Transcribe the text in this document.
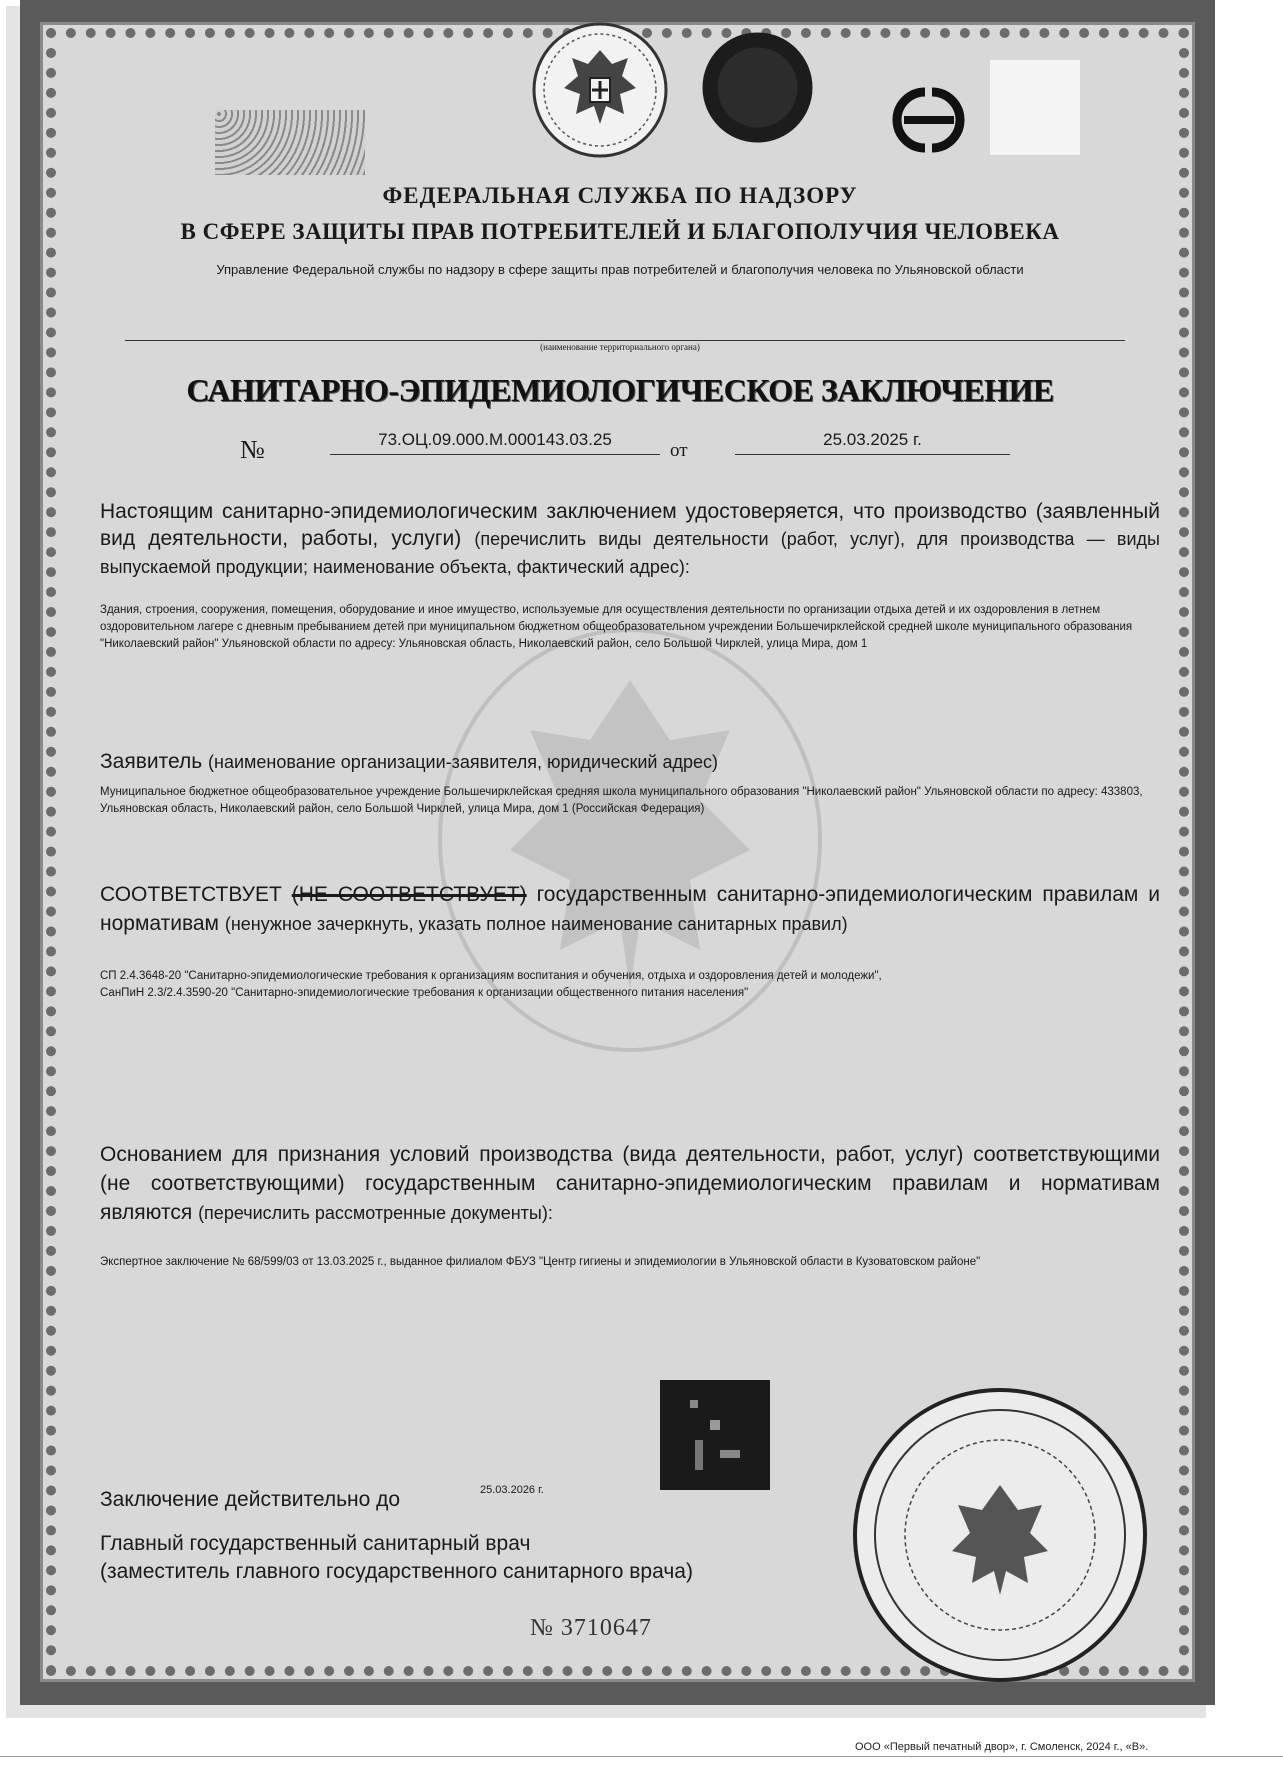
СЭ
ФЕДЕРАЛЬНАЯ СЛУЖБА ПО НАДЗОРУ
В СФЕРЕ ЗАЩИТЫ ПРАВ ПОТРЕБИТЕЛЕЙ И БЛАГОПОЛУЧИЯ ЧЕЛОВЕКА
Управление Федеральной службы по надзору в сфере защиты прав потребителей и благополучия человека по Ульяновской области
(наименование территориального органа)
САНИТАРНО-ЭПИДЕМИОЛОГИЧЕСКОЕ ЗАКЛЮЧЕНИЕ
№	73.ОЦ.09.000.М.000143.03.25
от
25.03.2025 г.
Настоящим санитарно-эпидемиологическим заключением удостоверяется, что производство (заявленный вид деятельности, работы, услуги) (перечислить виды деятельности (работ, услуг), для производства — виды выпускаемой продукции; наименование объекта, фактический адрес):
Здания, строения, сооружения, помещения, оборудование и иное имущество, используемые для осуществления деятельности по организации отдыха детей и их оздоровления в летнем оздоровительном лагере с дневным пребыванием детей при муниципальном бюджетном общеобразовательном учреждении Большечирклейской средней школе муниципального образования "Николаевский район" Ульяновской области по адресу: Ульяновская область, Николаевский район, село Большой Чирклей, улица Мира, дом 1
Заявитель (наименование организации-заявителя, юридический адрес)
Муниципальное бюджетное общеобразовательное учреждение Большечирклейская средняя школа муниципального образования "Николаевский район" Ульяновской области по адресу: 433803, Ульяновская область, Николаевский район, село Большой Чирклей, улица Мира, дом 1 (Российская Федерация)
СООТВЕТСТВУЕТ (НЕ СООТВЕТСТВУЕТ) государственным санитарно-эпидемиологическим правилам и нормативам (ненужное зачеркнуть, указать полное наименование санитарных правил)
СП 2.4.3648-20 "Санитарно-эпидемиологические требования к организациям воспитания и обучения, отдыха и оздоровления детей и молодежи",
СанПиН 2.3/2.4.3590-20 "Санитарно-эпидемиологические требования к организации общественного питания населения"
Основанием для признания условий производства (вида деятельности, работ, услуг) соответствующими (не соответствующими) государственным санитарно-эпидемиологическим правилам и нормативам являются (перечислить рассмотренные документы):
Экспертное заключение № 68/599/03 от 13.03.2025 г., выданное филиалом ФБУЗ "Центр гигиены и эпидемиологии в Ульяновской области в Кузоватовском районе"
Заключение действительно до	25.03.2026 г.
Главный государственный санитарный врач
(заместитель главного государственного санитарного врача)
№ 3710647
ООО «Первый печатный двор», г. Смоленск, 2024 г., «В».
